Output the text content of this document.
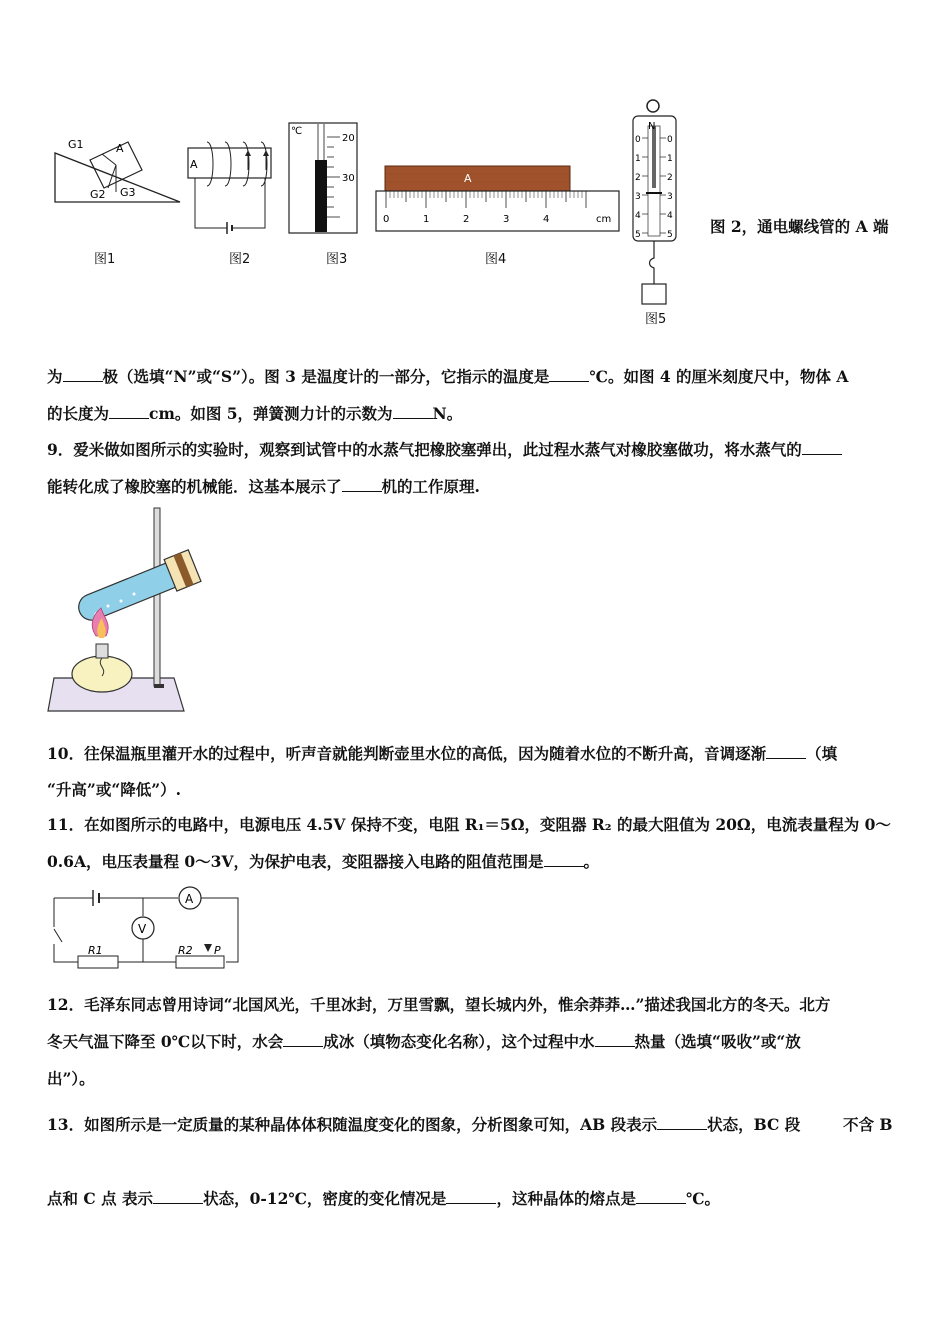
G1	A
G2 G3
图1
A
图2
℃
20
30
图3
A
0	1	2	3	4	cm
图4
N
0
1
2
3
4
5
0
1
2
3
4
5
图5
图 2，通电螺线管的 A 端
为	极（选填“N”或“S”）。图 3 是温度计的一部分，它指示的温度是	℃。如图 4 的厘米刻度尺中，物体 A
的长度为	cm。如图 5，弹簧测力计的示数为	N。
9．爱米做如图所示的实验时，观察到试管中的水蒸气把橡胶塞弹出，此过程水蒸气对橡胶塞做功，将水蒸气的
能转化成了橡胶塞的机械能．这基本展示了	机的工作原理.
10．往保温瓶里灌开水的过程中，听声音就能判断壶里水位的高低，因为随着水位的不断升高，音调逐渐	（填
“升高”或“降低”）.
11．在如图所示的电路中，电源电压 4.5V 保持不变，电阻 R₁＝5Ω，变阻器 R₂ 的最大阻值为 20Ω，电流表量程为 0～
0.6A，电压表量程 0～3V，为保护电表，变阻器接入电路的阻值范围是	。
A
V
R1	R2 P
12．毛泽东同志曾用诗词“北国风光，千里冰封，万里雪飘，望长城内外，惟余莽莽…”描述我国北方的冬天。北方
冬天气温下降至 0℃以下时，水会	成冰（填物态变化名称），这个过程中水	热量（选填“吸收”或“放
出”）。
13．如图所示是一定质量的某种晶体体积随温度变化的图象，分析图象可知，AB 段表示	状态，BC 段	不含 B
点和 C 点 表示	状态，0-12℃，密度的变化情况是	，这种晶体的熔点是	℃。
